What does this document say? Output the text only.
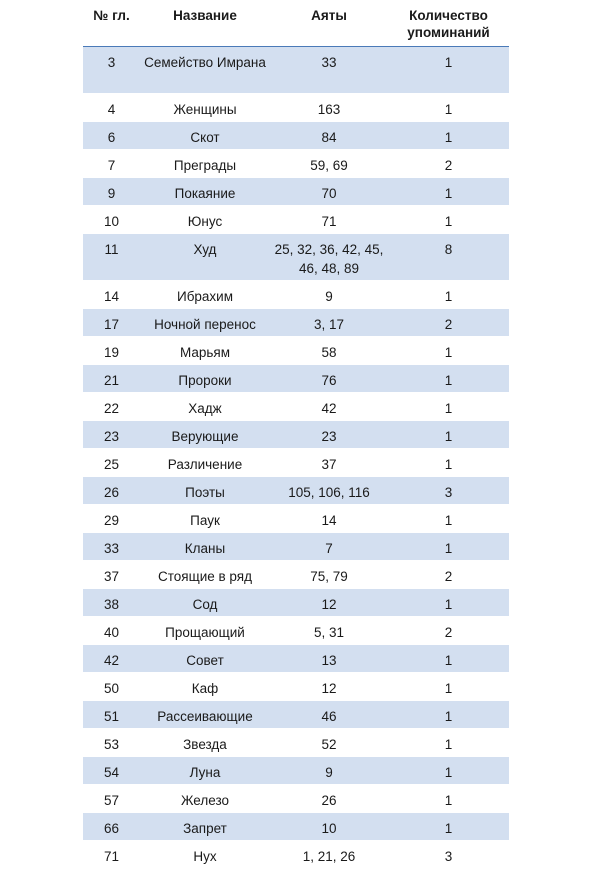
№ гл.	Название	Аяты	Количество упоминаний
3	Семейство Имрана	33	1
4	Женщины	163	1
6	Скот	84	1
7	Преграды	59, 69	2
9	Покаяние	70	1
10	Юнус	71	1
11	Худ	25, 32, 36, 42, 45, 46, 48, 89	8
14	Ибрахим	9	1
17	Ночной перенос	3, 17	2
19	Марьям	58	1
21	Пророки	76	1
22	Хадж	42	1
23	Верующие	23	1
25	Различение	37	1
26	Поэты	105, 106, 116	3
29	Паук	14	1
33	Кланы	7	1
37	Стоящие в ряд	75, 79	2
38	Сод	12	1
40	Прощающий	5, 31	2
42	Совет	13	1
50	Каф	12	1
51	Рассеивающие	46	1
53	Звезда	52	1
54	Луна	9	1
57	Железо	26	1
66	Запрет	10	1
71	Нух	1, 21, 26	3
